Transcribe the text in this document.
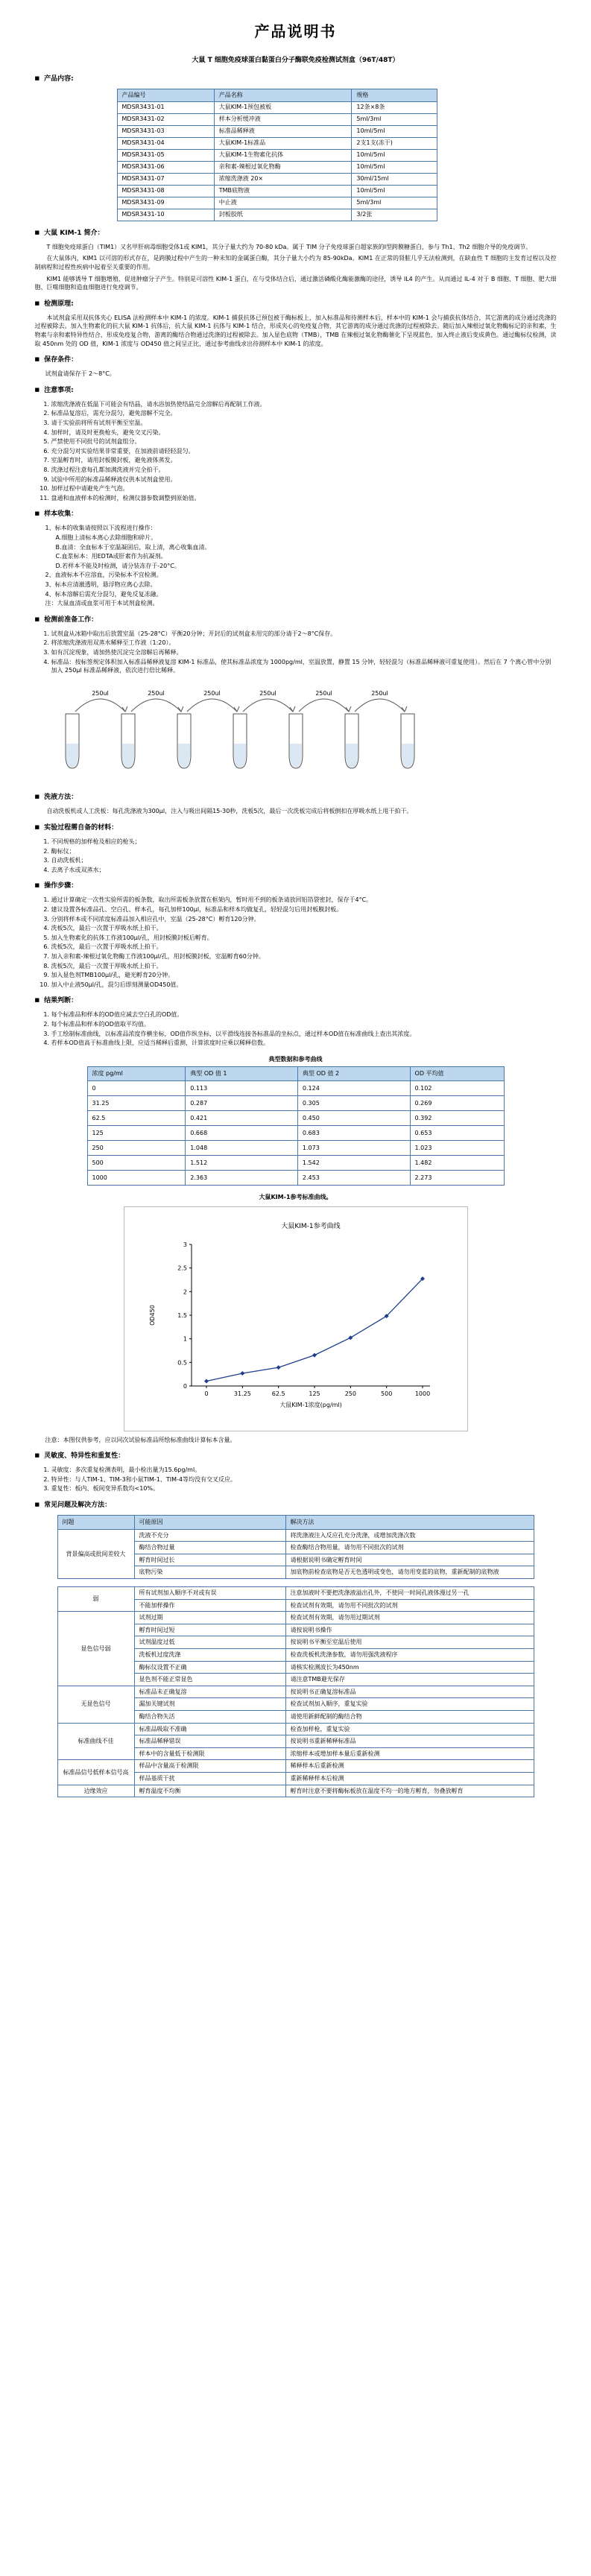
产品说明书
大鼠 T 细胞免疫球蛋白黏蛋白分子酶联免疫检测试剂盒（96T/48T）
■ 产品内容:
产品编号	产品名称	规格
MDSR3431-01	大鼠KIM-1预包被板	12条×8条
MDSR3431-02	样本分析缓冲液	5ml/3ml
MDSR3431-03	标准品稀释液	10ml/5ml
MDSR3431-04	大鼠KIM-1标准品	2支1支(冻干)
MDSR3431-05	大鼠KIM-1生物素化抗体	10ml/5ml
MDSR3431-06	亲和素-辣根过氧化物酶	10ml/5ml
MDSR3431-07	浓缩洗涤液 20×	30ml/15ml
MDSR3431-08	TMB底物液	10ml/5ml
MDSR3431-09	中止液	5ml/3ml
MDSR3431-10	封板胶纸	3/2张
■ 大鼠 KIM-1 简介：
T 细胞免疫球蛋白（TIM1）又名甲肝病毒细胞受体1或 KIM1，其分子量大约为 70-80 kDa。属于 TIM 分子免疫球蛋白超家族的I型跨膜糖蛋白，参与 Th1、Th2 细胞介导的免疫调节。
在大鼠体内，KIM1 以可溶的形式存在，是跨膜过程中产生的一种未知的金属蛋白酶，其分子量大小约为 85-90kDa。KIM1 在正常的肾脏几乎无法检测到，在缺血性 T 细胞的主发育过程以及控制病程和过程性疾病中起着至关重要的作用。
KIM1 能够诱导 T 细胞增殖，促进肿瘤分子产生。特别是可溶性 KIM-1 蛋白，在与受体结合后，通过激活磷酸化酶能激酶的途径，诱导 IL4 的产生。从而通过 IL-4 对于 B 细胞、T 细胞、肥大细胞、巨噬细胞和造血细胞进行免疫调节。
■ 检测原理:
本试剂盒采用双抗体夹心 ELISA 法检测样本中 KIM-1 的浓度。KIM-1 捕获抗体已预包被于酶标板上，加入标准品和待测样本后，样本中的 KIM-1 会与捕获抗体结合，其它游离的成分通过洗涤的过程被除去。加入生物素化的抗大鼠 KIM-1 抗体后，抗大鼠 KIM-1 抗体与 KIM-1 结合，形成夹心的免疫复合物，其它游离的成分通过洗涤的过程被除去。随后加入辣根过氧化物酶标记的亲和素，生物素与亲和素特异性结合，形成免疫复合物，游离的酶结合物通过洗涤的过程被除去。加入显色底物（TMB），TMB 在辣根过氧化物酶催化下呈现蓝色，加入终止液后变成黄色。通过酶标仪检测，读取 450nm 处的 OD 值，KIM-1 浓度与 OD450 值之间呈正比，通过参考曲线求出待测样本中 KIM-1 的浓度。
■ 保存条件：
试剂盒请保存于 2～8°C。
■ 注意事项:
1. 浓缩洗涤液在低温下可能会有结晶，请水浴加热使结晶完全溶解后再配制工作液。
2. 标准品复溶后，需充分混匀，避免溶解不完全。
3. 请于实验前将所有试剂平衡至室温。
4. 加样时，请及时更换枪头，避免交叉污染。
5. 严禁使用不同批号的试剂盒组分。
6. 充分混匀对实验结果非常重要，在加液前请轻轻混匀。
7. 室温孵育时，请用封板膜封板，避免液体蒸发。
8. 洗涤过程注意每孔都加满洗液并完全拍干。
9. 试验中所用的标准品稀释液仅供本试剂盒使用。
10. 加样过程中请避免产生气泡。
11. 盘通和血液样本的检测时，检测仪器参数调整到原始值。
■ 样本收集：
1、标本的收集请按照以下流程进行操作：
A.细胞上清标本离心去除细胞和碎片。
B.血清：全血标本于室温凝固后，取上清，离心收集血清。
C.血浆标本：用EDTA或肝素作为抗凝剂。
D.若样本不能及时检测，请分装冻存于-20°C。
2、血液标本不应溶血，污染标本不宜检测。
3、标本应清澈透明，悬浮物应离心去除。
4、标本溶解后需充分混匀，避免反复冻融。
注：大鼠血清或血浆可用于本试剂盒检测。
■ 检测前准备工作：
1. 试剂盒从冰箱中取出后放置室温（25-28°C）平衡20分钟；开封后的试剂盒未用完的部分请于2～8°C保存。
2. 将浓缩洗涤液用双蒸水稀释至工作液（1:20）。
3. 如有沉淀现象，请加热使沉淀完全溶解后再稀释。
4. 标准品：按标签规定体积加入标准品稀释液复溶 KIM-1 标准品，使其标准品浓度为 1000pg/ml，室温放置，静置 15 分钟，轻轻混匀（标准品稀释液可重复使用）。然后在 7 个离心管中分别加入 250μl 标准品稀释液，依次进行倍比稀释。
250ul	250ul	250ul	250ul	250ul	250ul
■ 洗液方法：
自动洗板机或人工洗板：每孔洗涤液为300μl，注入与吸出间隔15-30秒，洗板5次，最后一次洗板完成后将板倒扣在厚吸水纸上甩干拍干。
■ 实验过程需自备的材料：
1. 不同规格的加样枪及相应的枪头；
2. 酶标仪；
3. 自动洗板机；
4. 去离子水或双蒸水；
■ 操作步骤：
1. 通过计算确定一次性实验所需的板条数，取出所需板条放置在框架内，暂时用不到的板条请放回铝箔袋密封，保存于4°C。
2. 建议设置各标准品孔、空白孔、样本孔，每孔加样100μl，标准品和样本均做复孔，轻轻混匀后用封板膜封板。
3. 分别将样本或不同浓度标准品加入相应孔中，室温（25-28°C）孵育120分钟。
4. 洗板5次，最后一次置于厚吸水纸上拍干。
5. 加入生物素化的抗体工作液100μl/孔，用封板膜封板后孵育。
6. 洗板5次，最后一次置于厚吸水纸上拍干。
7. 加入亲和素-辣根过氧化物酶工作液100μl/孔，用封板膜封板，室温孵育60分钟。
8. 洗板5次，最后一次置于厚吸水纸上拍干。
9. 加入显色剂TMB100μl/孔，避光孵育20分钟。
10. 加入中止液50μl/孔，混匀后即刻测量OD450值。
■ 结果判断：
1. 每个标准品和样本的OD值应减去空白孔的OD值。
2. 每个标准品和样本的OD值取平均值。
3. 手工绘制标准曲线，以标准品浓度作横坐标，OD值作纵坐标，以平滑线连接各标准品的坐标点，通过样本OD值在标准曲线上查出其浓度。
4. 若样本OD值高于标准曲线上限，应适当稀释后重测，计算浓度时应乘以稀释倍数。
典型数据和参考曲线
浓度 pg/ml	典型 OD 值 1	典型 OD 值 2	OD 平均值
0	0.113	0.124	0.102
31.25	0.287	0.305	0.269
62.5	0.421	0.450	0.392
125	0.668	0.683	0.653
250	1.048	1.073	1.023
500	1.512	1.542	1.482
1000	2.363	2.453	2.273
大鼠KIM-1参考标准曲线。
大鼠KIM-1参考曲线
0
0.5
1
1.5
2
2.5
3
0	31.25	62.5	125	250	500	1000
大鼠KIM-1浓度(pg/ml)
OD450
注意：本图仅供参考，应以同次试验标准品所绘标准曲线计算标本含量。
■ 灵敏度、特异性和重复性：
1. 灵敏度：多次重复检测表明，最小检出量为15.6pg/ml。
2. 特异性：与人TIM-1、TIM-3和小鼠TIM-1、TIM-4等均没有交叉反应。
3. 重复性：板内、板间变异系数均<10%。
■ 常见问题及解决方法：
问题	可能原因	解决方法
背景偏高或批间差较大	洗液不充分	将洗涤液注入反应孔充分洗涤，或增加洗涤次数
	酶结合物过量	检查酶结合物用量，请勿用不同批次的试剂
	孵育时间过长	请根据说明书确定孵育时间
	底物污染	加底物前检查底物是否无色透明或变色，请勿用变蓝的底物，重新配制的底物液
弱	所有试剂加入顺序不对或有误	注意加液时不要把洗涤液溢出孔外，不使同一时间孔液体漫过另一孔
	不能加样操作	检查试剂有效期，请勿用不同批次的试剂
显色信号弱	试剂过期	检查试剂有效期，请勿用过期试剂
	孵育时间过短	请按说明书操作
	试剂温度过低	按说明书平衡至室温后使用
	洗板机过度洗涤	检查洗板机洗涤参数，请勿用强洗液程序
	酶标仪设置不正确	请核实检测波长为450nm
	显色剂不能正常显色	请注意TMB避光保存
无显色信号	标准品未正确复溶	按说明书正确复溶标准品
	漏加关键试剂	检查试剂加入顺序，重复实验
	酶结合物失活	请使用新鲜配制的酶结合物
标准曲线不佳	标准品吸取不准确	检查加样枪，重复实验
	标准品稀释错误	按说明书重新稀释标准品
	样本中的含量低于检测限	浓缩样本或增加样本量后重新检测
标准品信号低样本信号高	样品中含量高于检测限	稀释样本后重新检测
	样品基质干扰	重新稀释样本后检测
边缘效应	孵育温度不均衡	孵育时注意不要将酶标板放在温度不均一的地方孵育，勿叠放孵育
